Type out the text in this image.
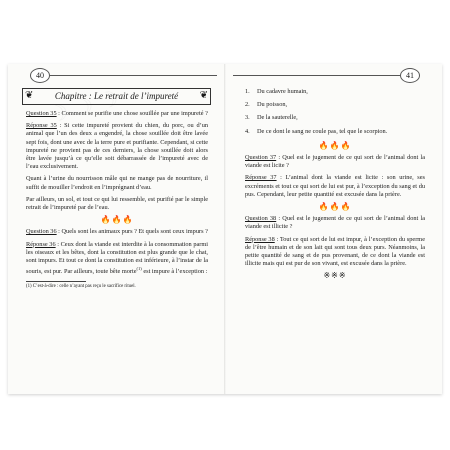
40
❦ Chapitre : Le retrait de l’impureté ❦

Question 35 : Comment se purifie une chose souillée par une impureté ?

Réponse 35 : Si cette impureté provient du chien, du porc, ou d’un animal que l’un des deux a engendré, la chose souillée doit être lavée sept fois, dont une avec de la terre pure et purifiante. Cependant, si cette impureté ne provient pas de ces derniers, la chose souillée doit alors être lavée jusqu’à ce qu’elle soit débarrassée de l’impureté avec de l’eau exclusivement.

Quant à l’urine du nourrisson mâle qui ne mange pas de nourriture, il suffit de mouiller l’endroit en l’imprégnant d’eau.

Par ailleurs, un sol, et tout ce qui lui ressemble, est purifié par le simple retrait de l’impureté par de l’eau.

🔥🔥🔥

Question 36 : Quels sont les animaux purs ? Et quels sont ceux impurs ?

Réponse 36 : Ceux dont la viande est interdite à la consommation parmi les oiseaux et les bêtes, dont la constitution est plus grande que le chat, sont impurs. Et tout ce dont la constitution est inférieure, à l’instar de la souris, est pur. Par ailleurs, toute bête morte$^{(1)}$ est impure à l’exception :

(1) C’est-à-dire : celle n’ayant pas reçu le sacrifice rituel.
41
1. Du cadavre humain,
2. Du poisson,
3. De la sauterelle,
4. De ce dont le sang ne coule pas, tel que le scorpion.
🔥🔥🔥

Question 37 : Quel est le jugement de ce qui sort de l’animal dont la viande est licite ?

Réponse 37 : L’animal dont la viande est licite : son urine, ses excréments et tout ce qui sort de lui est pur, à l’exception du sang et du pus. Cependant, leur petite quantité est excusée dans la prière.

🔥🔥🔥

Question 38 : Quel est le jugement de ce qui sort de l’animal dont la viande est illicite ?

Réponse 38 : Tout ce qui sort de lui est impur, à l’exception du sperme de l’être humain et de son lait qui sont tous deux purs. Néanmoins, la petite quantité de sang et de pus provenant, de ce dont la viande est illicite mais qui est pur de son vivant, est excusée dans la prière.

※※※
